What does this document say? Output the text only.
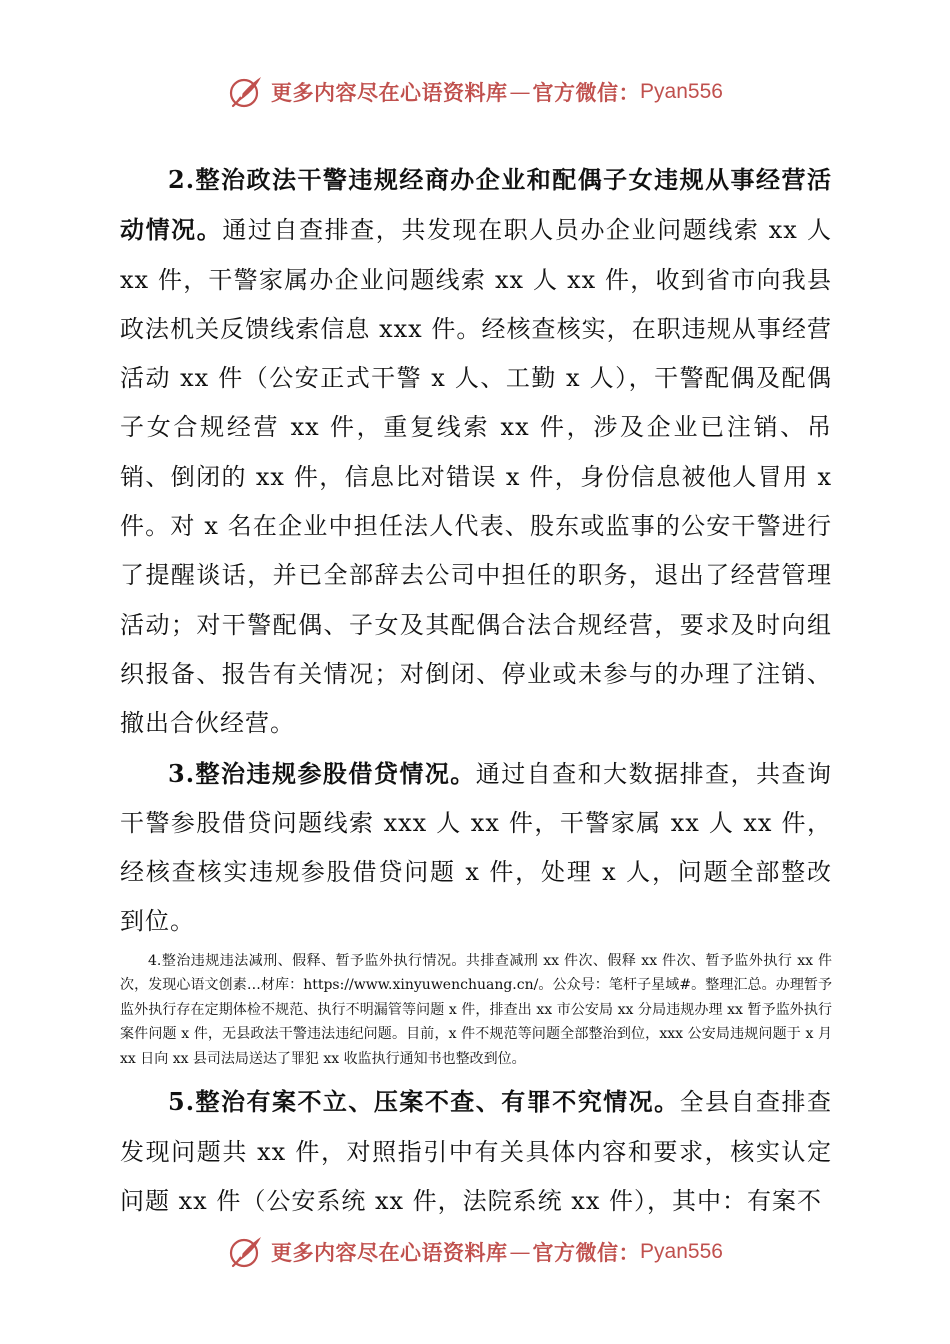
更多内容尽在心语资料库 — 官方微信： Pyan556

2.整治政法干警违规经商办企业和配偶子女违规从事经营活动情况。通过自查排查，共发现在职人员办企业问题线索 xx 人 xx 件，干警家属办企业问题线索 xx 人 xx 件，收到省市向我县政法机关反馈线索信息 xxx 件。经核查核实，在职违规从事经营活动 xx 件（公安正式干警 x 人、工勤 x 人），干警配偶及配偶子女合规经营 xx 件，重复线索 xx 件，涉及企业已注销、吊销、倒闭的 xx 件，信息比对错误 x 件，身份信息被他人冒用 x 件。对 x 名在企业中担任法人代表、股东或监事的公安干警进行了提醒谈话，并已全部辞去公司中担任的职务，退出了经营管理活动；对干警配偶、子女及其配偶合法合规经营，要求及时向组织报备、报告有关情况；对倒闭、停业或未参与的办理了注销、撤出合伙经营。

3.整治违规参股借贷情况。通过自查和大数据排查，共查询干警参股借贷问题线索 xxx 人 xx 件，干警家属 xx 人 xx 件，经核查核实违规参股借贷问题 x 件，处理 x 人，问题全部整改到位。

4.整治违规违法减刑、假释、暂予监外执行情况。共排查减刑 xx 件次、假释 xx 件次、暂予监外执行 xx 件次，发现心语文创素…材库：https://www.xinyuwenchuang.cn/。公众号：笔杆子星域#。整理汇总。办理暂予监外执行存在定期体检不规范、执行不明漏管等问题 x 件，排查出 xx 市公安局 xx 分局违规办理 xx 暂予监外执行案件问题 x 件，无县政法干警违法违纪问题。目前，x 件不规范等问题全部整治到位，xxx 公安局违规问题于 x 月 xx 日向 xx 县司法局送达了罪犯 xx 收监执行通知书也整改到位。

5.整治有案不立、压案不查、有罪不究情况。全县自查排查发现问题共 xx 件，对照指引中有关具体内容和要求，核实认定问题 xx 件（公安系统 xx 件，法院系统 xx 件），其中：有案不

更多内容尽在心语资料库 — 官方微信： Pyan556
